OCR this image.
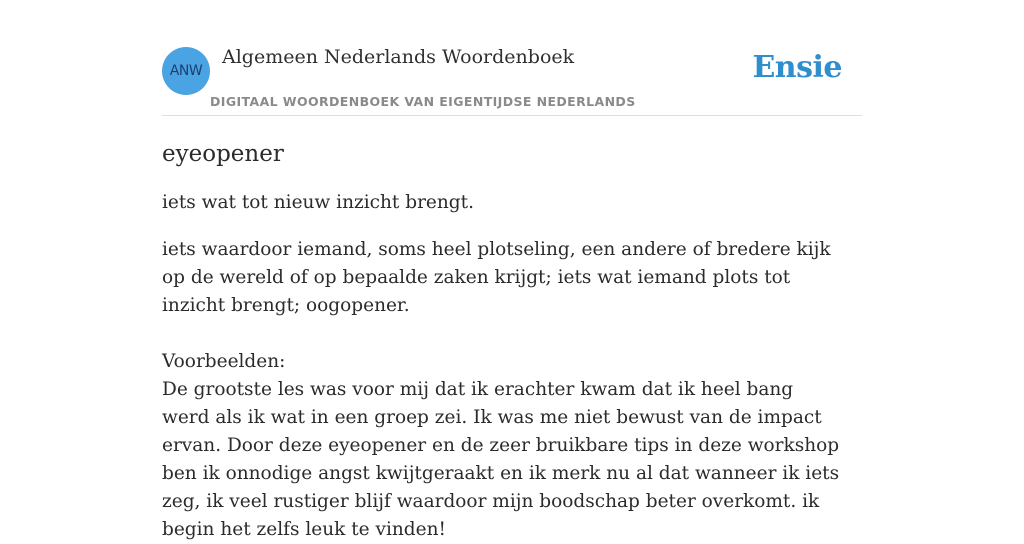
ANW
Algemeen Nederlands Woordenboek
DIGITAAL WOORDENBOEK VAN EIGENTIJDSE NEDERLANDS
Ensie
eyeopener

iets wat tot nieuw inzicht brengt.

iets waardoor iemand, soms heel plotseling, een andere of bredere kijk op de wereld of op bepaalde zaken krijgt; iets wat iemand plots tot inzicht brengt; oogopener.

Voorbeelden:

De grootste les was voor mij dat ik erachter kwam dat ik heel bang werd als ik wat in een groep zei. Ik was me niet bewust van de impact ervan. Door deze eyeopener en de zeer bruikbare tips in deze workshop ben ik onnodige angst kwijtgeraakt en ik merk nu al dat wanneer ik iets zeg, ik veel rustiger blijf waardoor mijn boodschap beter overkomt. ik begin het zelfs leuk te vinden!
